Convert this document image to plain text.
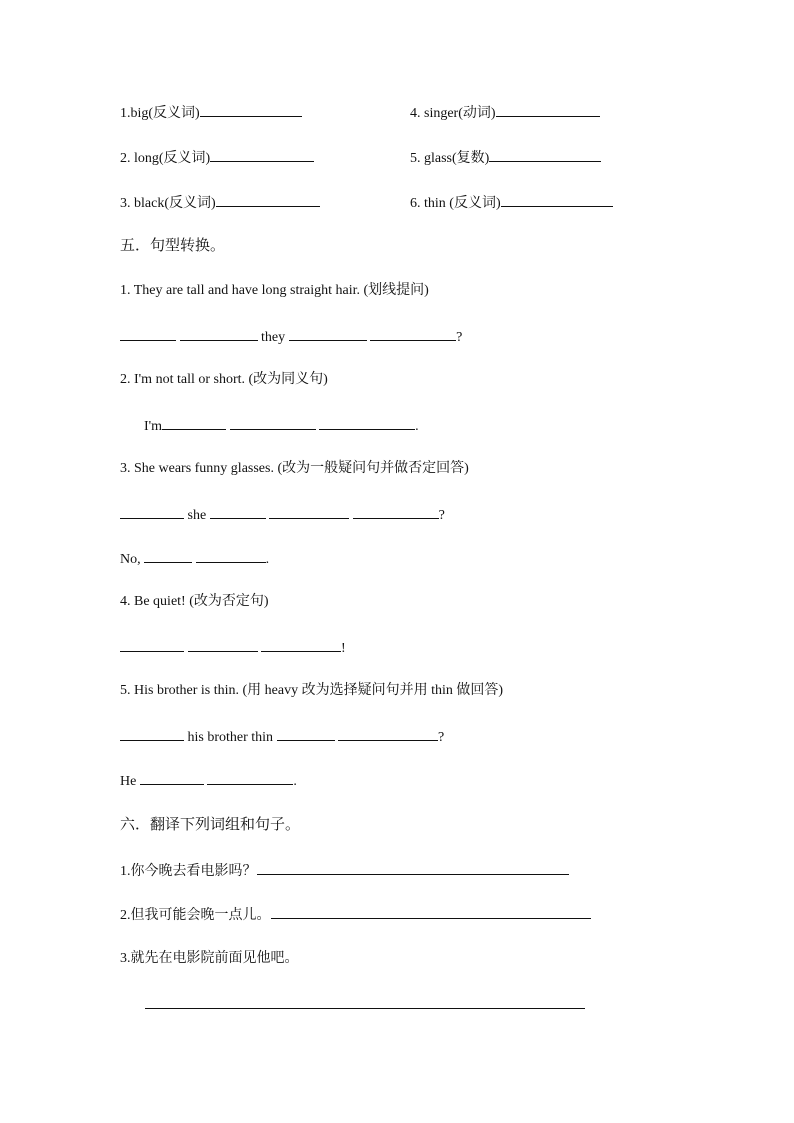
1.big(反义词)	4. singer(动词)
2. long(反义词)	5. glass(复数)
3. black(反义词)	6. thin (反义词)
五．句型转换。
1. They are tall and have long straight hair. (划线提问)
they	?
2. I'm not tall or short. (改为同义句)
I'm	.
3. She wears funny glasses. (改为一般疑问句并做否定回答)
she	?
No,	.
4. Be quiet! (改为否定句)
!
5. His brother is thin. (用 heavy 改为选择疑问句并用 thin 做回答)
his brother thin	?
He	.
六．翻译下列词组和句子。
1.你今晚去看电影吗？
2.但我可能会晚一点儿。
3.就先在电影院前面见他吧。
